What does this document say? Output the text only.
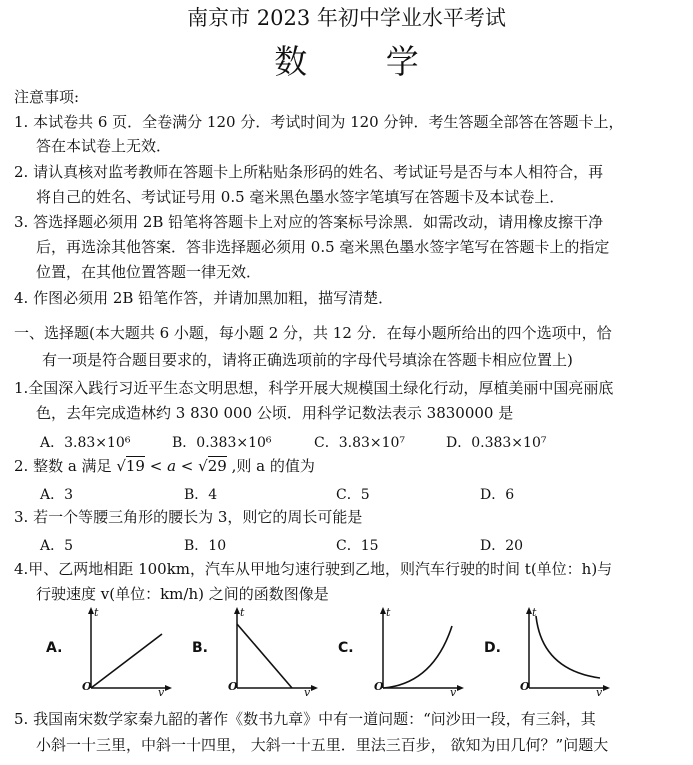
南京市 2023 年初中学业水平考试
数 学
注意事项:
1. 本试卷共 6 页．全卷满分 120 分．考试时间为 120 分钟．考生答题全部答在答题卡上，
答在本试卷上无效．
2. 请认真核对监考教师在答题卡上所粘贴条形码的姓名、考试证号是否与本人相符合，再
将自己的姓名、考试证号用 0.5 毫米黑色墨水签字笔填写在答题卡及本试卷上．
3. 答选择题必须用 2B 铅笔将答题卡上对应的答案标号涂黑．如需改动，请用橡皮擦干净
后，再选涂其他答案．答非选择题必须用 0.5 毫米黑色墨水签字笔写在答题卡上的指定
位置，在其他位置答题一律无效．
4. 作图必须用 2B 铅笔作答，并请加黑加粗，描写清楚．
一、选择题(本大题共 6 小题，每小题 2 分，共 12 分．在每小题所给出的四个选项中，恰
有一项是符合题目要求的，请将正确选项前的字母代号填涂在答题卡相应位置上)
1.全国深入践行习近平生态文明思想，科学开展大规模国土绿化行动，厚植美丽中国亮丽底
色，去年完成造林约 3 830 000 公顷．用科学记数法表示 3830000 是
A．3.83×10⁶	B．0.383×10⁶	C．3.83×10⁷	D．0.383×10⁷
2. 整数 a 满足 √19 < a < √29 ,则 a 的值为
A．3	B．4	C．5	D．6
3. 若一个等腰三角形的腰长为 3，则它的周长可能是
A．5	B．10	C．15	D．20
4.甲、乙两地相距 100km，汽车从甲地匀速行驶到乙地，则汽车行驶的时间 t(单位：h)与
行驶速度 v(单位：km/h) 之间的函数图像是
A.
t
v
O
B.
t
v
O
C.
t
v
O
D.
t
v
O
5. 我国南宋数学家秦九韶的著作《数书九章》中有一道问题：“问沙田一段，有三斜，其
小斜一十三里，中斜一十四里， 大斜一十五里．里法三百步， 欲知为田几何？”问题大
